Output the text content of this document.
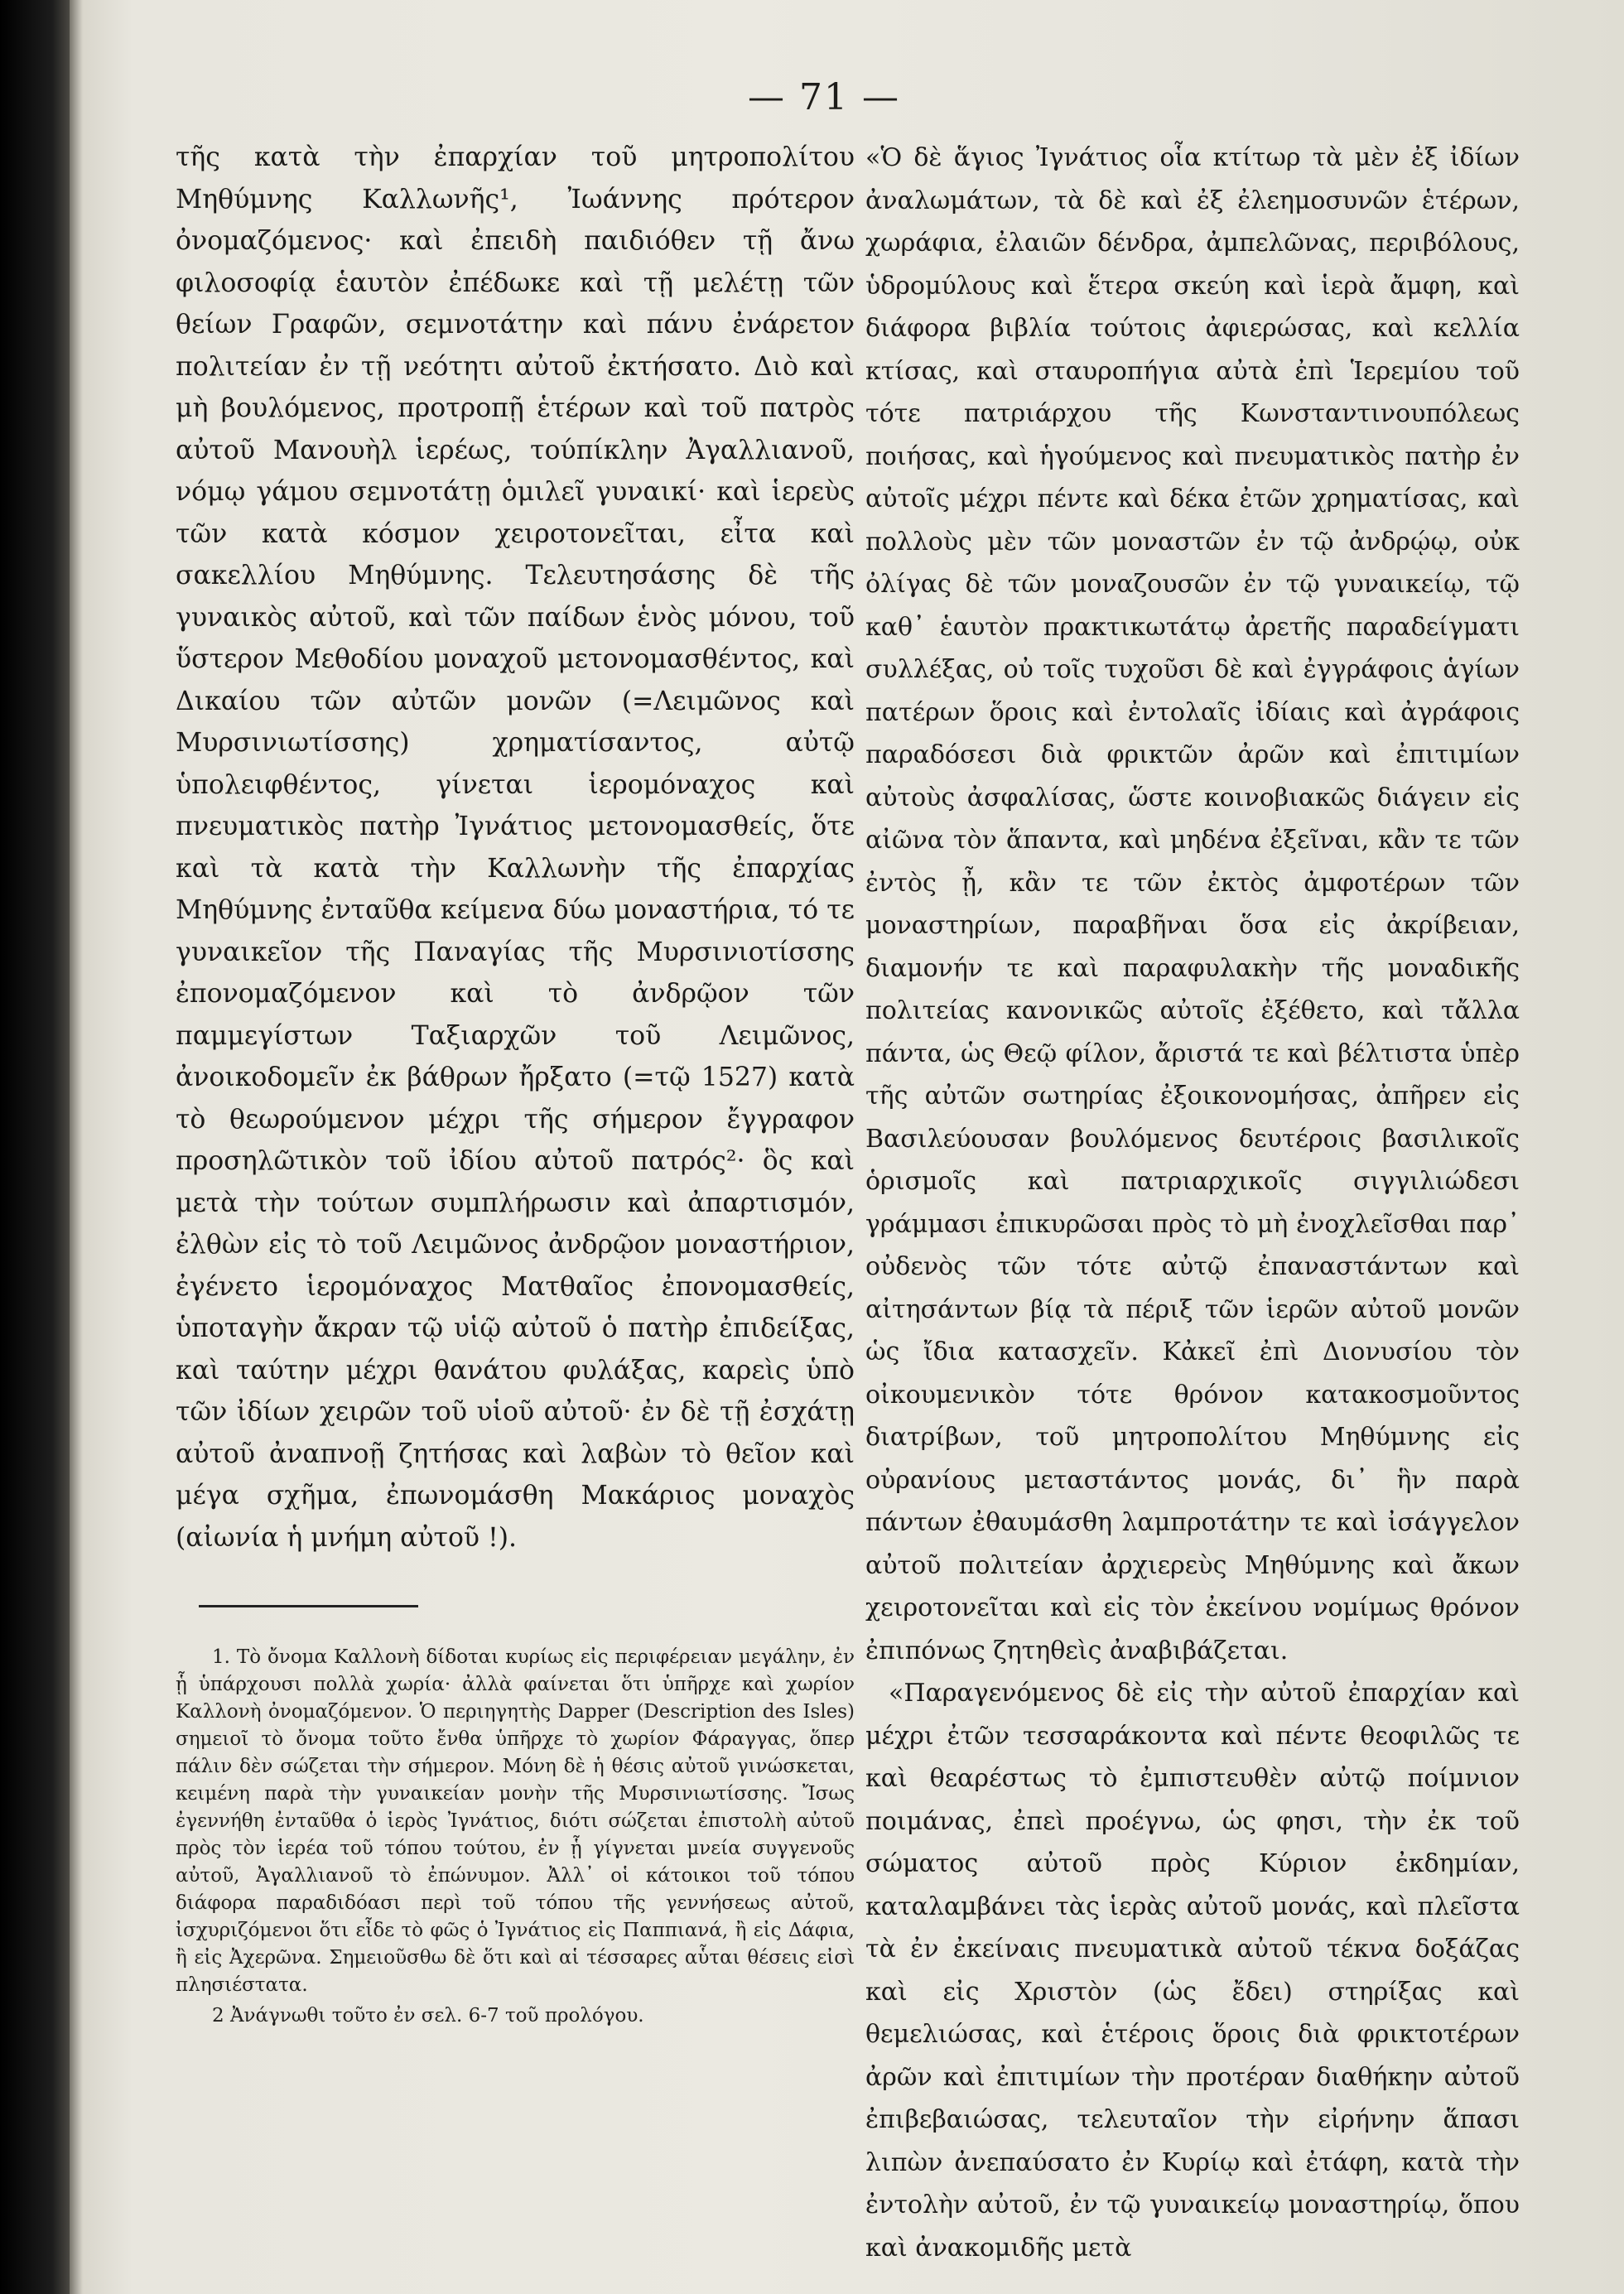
— 71 —

τῆς κατὰ τὴν ἐπαρχίαν τοῦ μητροπολίτου Μηθύμνης Καλλωνῆς¹, Ἰωάννης πρότερον ὀνομαζόμενος· καὶ ἐπειδὴ παιδιόθεν τῇ ἄνω φιλοσοφίᾳ ἑαυτὸν ἐπέδωκε καὶ τῇ μελέτῃ τῶν θείων Γραφῶν, σεμνοτάτην καὶ πάνυ ἐνάρετον πολιτείαν ἐν τῇ νεότητι αὐτοῦ ἐκτήσατο. Διὸ καὶ μὴ βουλόμενος, προτροπῇ ἑτέρων καὶ τοῦ πατρὸς αὐτοῦ Μανουὴλ ἱερέως, τούπίκλην Ἀγαλλιανοῦ, νόμῳ γάμου σεμνοτάτῃ ὁμιλεῖ γυναικί· καὶ ἱερεὺς τῶν κατὰ κόσμον χειροτονεῖται, εἶτα καὶ σακελλίου Μηθύμνης. Τελευτησάσης δὲ τῆς γυναικὸς αὐτοῦ, καὶ τῶν παίδων ἑνὸς μόνου, τοῦ ὕστερον Μεθοδίου μοναχοῦ μετονομασθέντος, καὶ Δικαίου τῶν αὐτῶν μονῶν (=Λειμῶνος καὶ Μυρσινιωτίσσης) χρηματίσαντος, αὐτῷ ὑπολειφθέντος, γίνεται ἱερομόναχος καὶ πνευματικὸς πατὴρ Ἰγνάτιος μετονομασθείς, ὅτε καὶ τὰ κατὰ τὴν Καλλωνὴν τῆς ἐπαρχίας Μηθύμνης ἐνταῦθα κείμενα δύω μοναστήρια, τό τε γυναικεῖον τῆς Παναγίας τῆς Μυρσινιοτίσσης ἐπονομαζόμενον καὶ τὸ ἀνδρῷον τῶν παμμεγίστων Ταξιαρχῶν τοῦ Λειμῶνος, ἀνοικοδομεῖν ἐκ βάθρων ἤρξατο (=τῷ 1527) κατὰ τὸ θεωρούμενον μέχρι τῆς σήμερον ἔγγραφον προσηλῶτικὸν τοῦ ἰδίου αὐτοῦ πατρός²· ὃς καὶ μετὰ τὴν τούτων συμπλήρωσιν καὶ ἀπαρτισμόν, ἐλθὼν εἰς τὸ τοῦ Λειμῶνος ἀνδρῷον μοναστήριον, ἐγένετο ἱερομόναχος Ματθαῖος ἐπονομασθείς, ὑποταγὴν ἄκραν τῷ υἱῷ αὐτοῦ ὁ πατὴρ ἐπιδείξας, καὶ ταύτην μέχρι θανάτου φυλάξας, καρεὶς ὑπὸ τῶν ἰδίων χειρῶν τοῦ υἱοῦ αὐτοῦ· ἐν δὲ τῇ ἐσχάτῃ αὐτοῦ ἀναπνοῇ ζητήσας καὶ λαβὼν τὸ θεῖον καὶ μέγα σχῆμα, ἐπωνομάσθη Μακάριος μοναχὸς (αἰωνία ἡ μνήμη αὐτοῦ !).

1. Τὸ ὄνομα Καλλονὴ δίδοται κυρίως εἰς περιφέρειαν μεγάλην, ἐν ᾗ ὑπάρχουσι πολλὰ χωρία· ἀλλὰ φαίνεται ὅτι ὑπῆρχε καὶ χωρίον Καλλονὴ ὀνομαζόμενον. Ὁ περιηγητὴς Dapper (Description des Isles) σημειοῖ τὸ ὄνομα τοῦτο ἔνθα ὑπῆρχε τὸ χωρίον Φάραγγας, ὅπερ πάλιν δὲν σώζεται τὴν σήμερον. Μόνη δὲ ἡ θέσις αὐτοῦ γινώσκεται, κειμένη παρὰ τὴν γυναικείαν μονὴν τῆς Μυρσινιωτίσσης. Ἴσως ἐγεννήθη ἐνταῦθα ὁ ἱερὸς Ἰγνάτιος, διότι σώζεται ἐπιστολὴ αὐτοῦ πρὸς τὸν ἱερέα τοῦ τόπου τούτου, ἐν ᾗ γίγνεται μνεία συγγενοῦς αὐτοῦ, Ἀγαλλιανοῦ τὸ ἐπώνυμον. Ἀλλ᾽ οἱ κάτοικοι τοῦ τόπου διάφορα παραδιδόασι περὶ τοῦ τόπου τῆς γεννήσεως αὐτοῦ, ἰσχυριζόμενοι ὅτι εἶδε τὸ φῶς ὁ Ἰγνάτιος εἰς Παππιανά, ἢ εἰς Δάφια, ἢ εἰς Ἀχερῶνα. Σημειοῦσθω δὲ ὅτι καὶ αἱ τέσσαρες αὗται θέσεις εἰσὶ πλησιέστατα.

2 Ἀνάγνωθι τοῦτο ἐν σελ. 6-7 τοῦ προλόγου.

«Ὁ δὲ ἅγιος Ἰγνάτιος οἷα κτίτωρ τὰ μὲν ἐξ ἰδίων ἀναλωμάτων, τὰ δὲ καὶ ἐξ ἐλεημοσυνῶν ἑτέρων, χωράφια, ἐλαιῶν δένδρα, ἀμπελῶνας, περιβόλους, ὑδρομύλους καὶ ἕτερα σκεύη καὶ ἱερὰ ἄμφη, καὶ διάφορα βιβλία τούτοις ἀφιερώσας, καὶ κελλία κτίσας, καὶ σταυροπήγια αὐτὰ ἐπὶ Ἱερεμίου τοῦ τότε πατριάρχου τῆς Κωνσταντινουπόλεως ποιήσας, καὶ ἡγούμενος καὶ πνευματικὸς πατὴρ ἐν αὐτοῖς μέχρι πέντε καὶ δέκα ἐτῶν χρηματίσας, καὶ πολλοὺς μὲν τῶν μοναστῶν ἐν τῷ ἀνδρῴῳ, οὐκ ὀλίγας δὲ τῶν μοναζουσῶν ἐν τῷ γυναικείῳ, τῷ καθ᾽ ἑαυτὸν πρακτικωτάτῳ ἀρετῆς παραδείγματι συλλέξας, οὐ τοῖς τυχοῦσι δὲ καὶ ἐγγράφοις ἁγίων πατέρων ὅροις καὶ ἐντολαῖς ἰδίαις καὶ ἀγράφοις παραδόσεσι διὰ φρικτῶν ἀρῶν καὶ ἐπιτιμίων αὐτοὺς ἀσφαλίσας, ὥστε κοινοβιακῶς διάγειν εἰς αἰῶνα τὸν ἅπαντα, καὶ μηδένα ἐξεῖναι, κἂν τε τῶν ἐντὸς ᾖ, κἂν τε τῶν ἐκτὸς ἀμφοτέρων τῶν μοναστηρίων, παραβῆναι ὅσα εἰς ἀκρίβειαν, διαμονήν τε καὶ παραφυλακὴν τῆς μοναδικῆς πολιτείας κανονικῶς αὐτοῖς ἐξέθετο, καὶ τἄλλα πάντα, ὡς Θεῷ φίλον, ἄριστά τε καὶ βέλτιστα ὑπὲρ τῆς αὐτῶν σωτηρίας ἐξοικονομήσας, ἀπῆρεν εἰς Βασιλεύουσαν βουλόμενος δευτέροις βασιλικοῖς ὁρισμοῖς καὶ πατριαρχικοῖς σιγγιλιώδεσι γράμμασι ἐπικυρῶσαι πρὸς τὸ μὴ ἐνοχλεῖσθαι παρ᾽ οὐδενὸς τῶν τότε αὐτῷ ἐπαναστάντων καὶ αἰτησάντων βίᾳ τὰ πέριξ τῶν ἱερῶν αὐτοῦ μονῶν ὡς ἴδια κατασχεῖν. Κἀκεῖ ἐπὶ Διονυσίου τὸν οἰκουμενικὸν τότε θρόνον κατακοσμοῦντος διατρίβων, τοῦ μητροπολίτου Μηθύμνης εἰς οὐρανίους μεταστάντος μονάς, δι᾽ ἣν παρὰ πάντων ἐθαυμάσθη λαμπροτάτην τε καὶ ἰσάγγελον αὐτοῦ πολιτείαν ἀρχιερεὺς Μηθύμνης καὶ ἄκων χειροτονεῖται καὶ εἰς τὸν ἐκείνου νομίμως θρόνον ἐπιπόνως ζητηθεὶς ἀναβιβάζεται.

«Παραγενόμενος δὲ εἰς τὴν αὐτοῦ ἐπαρχίαν καὶ μέχρι ἐτῶν τεσσαράκοντα καὶ πέντε θεοφιλῶς τε καὶ θεαρέστως τὸ ἐμπιστευθὲν αὐτῷ ποίμνιον ποιμάνας, ἐπεὶ προέγνω, ὡς φησι, τὴν ἐκ τοῦ σώματος αὐτοῦ πρὸς Κύριον ἐκδημίαν, καταλαμβάνει τὰς ἱερὰς αὐτοῦ μονάς, καὶ πλεῖστα τὰ ἐν ἐκείναις πνευματικὰ αὐτοῦ τέκνα δοξάζας καὶ εἰς Χριστὸν (ὡς ἔδει) στηρίξας καὶ θεμελιώσας, καὶ ἑτέροις ὅροις διὰ φρικτοτέρων ἀρῶν καὶ ἐπιτιμίων τὴν προτέραν διαθήκην αὐτοῦ ἐπιβεβαιώσας, τελευταῖον τὴν εἰρήνην ἅπασι λιπὼν ἀνεπαύσατο ἐν Κυρίῳ καὶ ἐτάφη, κατὰ τὴν ἐντολὴν αὐτοῦ, ἐν τῷ γυναικείῳ μοναστηρίῳ, ὅπου καὶ ἀνακομιδῆς μετὰ
